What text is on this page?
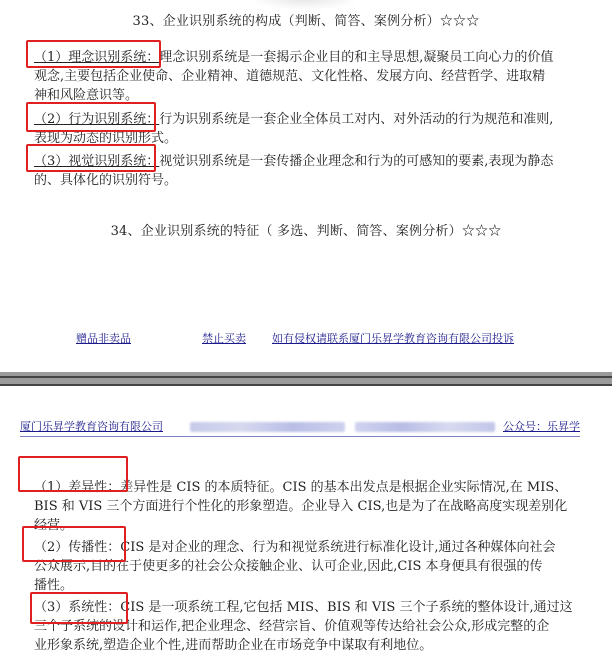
33、企业识别系统的构成（判断、简答、案例分析）☆☆☆
（1）理念识别系统：理念识别系统是一套揭示企业目的和主导思想,凝聚员工向心力的价值
观念,主要包括企业使命、企业精神、道德规范、文化性格、发展方向、经营哲学、进取精
神和风险意识等。
（2）行为识别系统：行为识别系统是一套企业全体员工对内、对外活动的行为规范和准则,
表现为动态的识别形式。
（3）视觉识别系统：视觉识别系统是一套传播企业理念和行为的可感知的要素,表现为静态
的、具体化的识别符号。
34、企业识别系统的特征（ 多选、判断、简答、案例分析）☆☆☆
赠品非卖品	禁止买卖 如有侵权请联系厦门乐昇学教育咨询有限公司投诉
厦门乐昇学教育咨询有限公司	公众号：乐昇学
（1）差异性：差异性是 CIS 的本质特征。CIS 的基本出发点是根据企业实际情况,在 MIS、
BIS 和 VIS 三个方面进行个性化的形象塑造。企业导入 CIS,也是为了在战略高度实现差别化
经营。
（2）传播性：CIS 是对企业的理念、行为和视觉系统进行标准化设计,通过各种媒体向社会
公众展示,目的在于使更多的社会公众接触企业、认可企业,因此,CIS 本身便具有很强的传
播性。
（3）系统性：CIS 是一项系统工程,它包括 MIS、BIS 和 VIS 三个子系统的整体设计,通过这
三个子系统的设计和运作,把企业理念、经营宗旨、价值观等传达给社会公众,形成完整的企
业形象系统,塑造企业个性,进而帮助企业在市场竞争中谋取有利地位。
